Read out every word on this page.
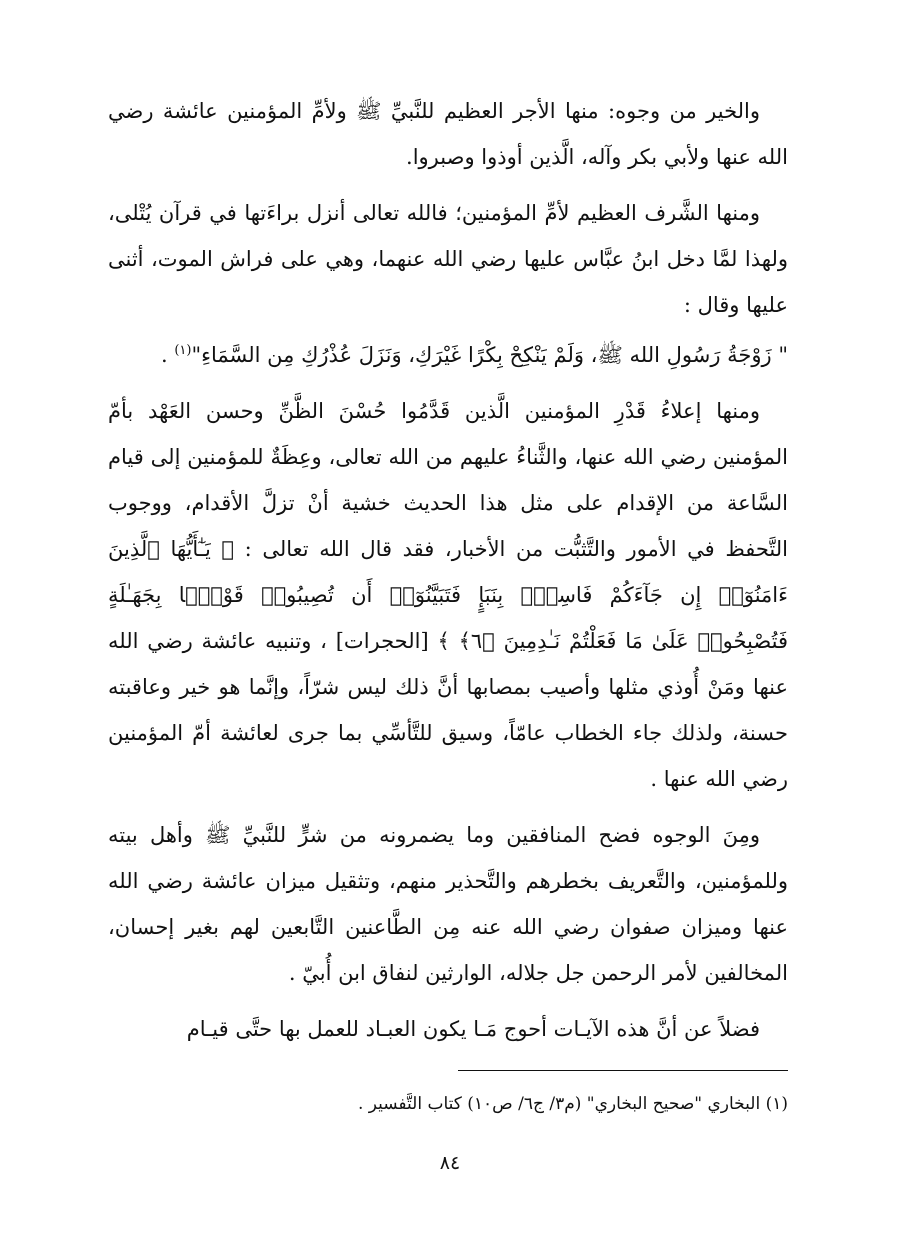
والخير من وجوه: منها الأجر العظيم للنَّبيِّ ﷺ ولأمِّ المؤمنين عائشة رضي الله عنها ولأبي بكر وآله، الَّذين أوذوا وصبروا.

ومنها الشَّرف العظيم لأمِّ المؤمنين؛ فالله تعالى أنزل براءَتها في قرآن يُتْلى، ولهذا لمَّا دخل ابنُ عبَّاس عليها رضي الله عنهما، وهي على فراش الموت، أثنى عليها وقال :
" زَوْجَةُ رَسُولِ الله ﷺ، وَلَمْ يَنْكِحْ بِكْرًا غَيْرَكِ، وَنَزَلَ عُذْرُكِ مِن السَّمَاءِ"$^{(١)}$ .

ومنها إعلاءُ قَدْرِ المؤمنين الَّذين قَدَّمُوا حُسْنَ الظَّنِّ وحسن العَهْد بأمّ المؤمنين رضي الله عنها، والثَّناءُ عليهم من الله تعالى، وعِظَةٌ للمؤمنين إلى قيام السَّاعة من الإقدام على مثل هذا الحديث خشية أنْ تزلَّ الأقدام، ووجوب التَّحفظ في الأمور والتَّثبُّت من الأخبار، فقد قال الله تعالى : ﴿ يَـٰٓأَيُّهَا ٱلَّذِينَ ءَامَنُوٓا۟ إِن جَآءَكُمْ فَاسِقٌۢ بِنَبَإٍ فَتَبَيَّنُوٓا۟ أَن تُصِيبُوا۟ قَوْمًۢا بِجَهَـٰلَةٍ فَتُصْبِحُوا۟ عَلَىٰ مَا فَعَلْتُمْ نَـٰدِمِينَ ﴿٦﴾ ﴾ [الحجرات] ، وتنبيه عائشة رضي الله عنها ومَنْ أُوذي مثلها وأصيب بمصابها أنَّ ذلك ليس شرّاً، وإنَّما هو خير وعاقبته حسنة، ولذلك جاء الخطاب عامّاً، وسيق للتَّأسِّي بما جرى لعائشة أمّ المؤمنين رضي الله عنها .

ومِنَ الوجوه فضح المنافقين وما يضمرونه من شرٍّ للنَّبيِّ ﷺ وأهل بيته وللمؤمنين، والتَّعريف بخطرهم والتَّحذير منهم، وتثقيل ميزان عائشة رضي الله عنها وميزان صفوان رضي الله عنه مِن الطَّاعنين التَّابعين لهم بغير إحسان، المخالفين لأمر الرحمن جل جلاله، الوارثين لنفاق ابن أُبيّ .

فضلاً عن أنَّ هذه الآيـات أحوج مَـا يكون العبـاد للعمل بها حتَّى قيـام

(١) البخاري "صحيح البخاري" (م٣/ ج٦/ ص١٠) كتاب التَّفسير .
٨٤
